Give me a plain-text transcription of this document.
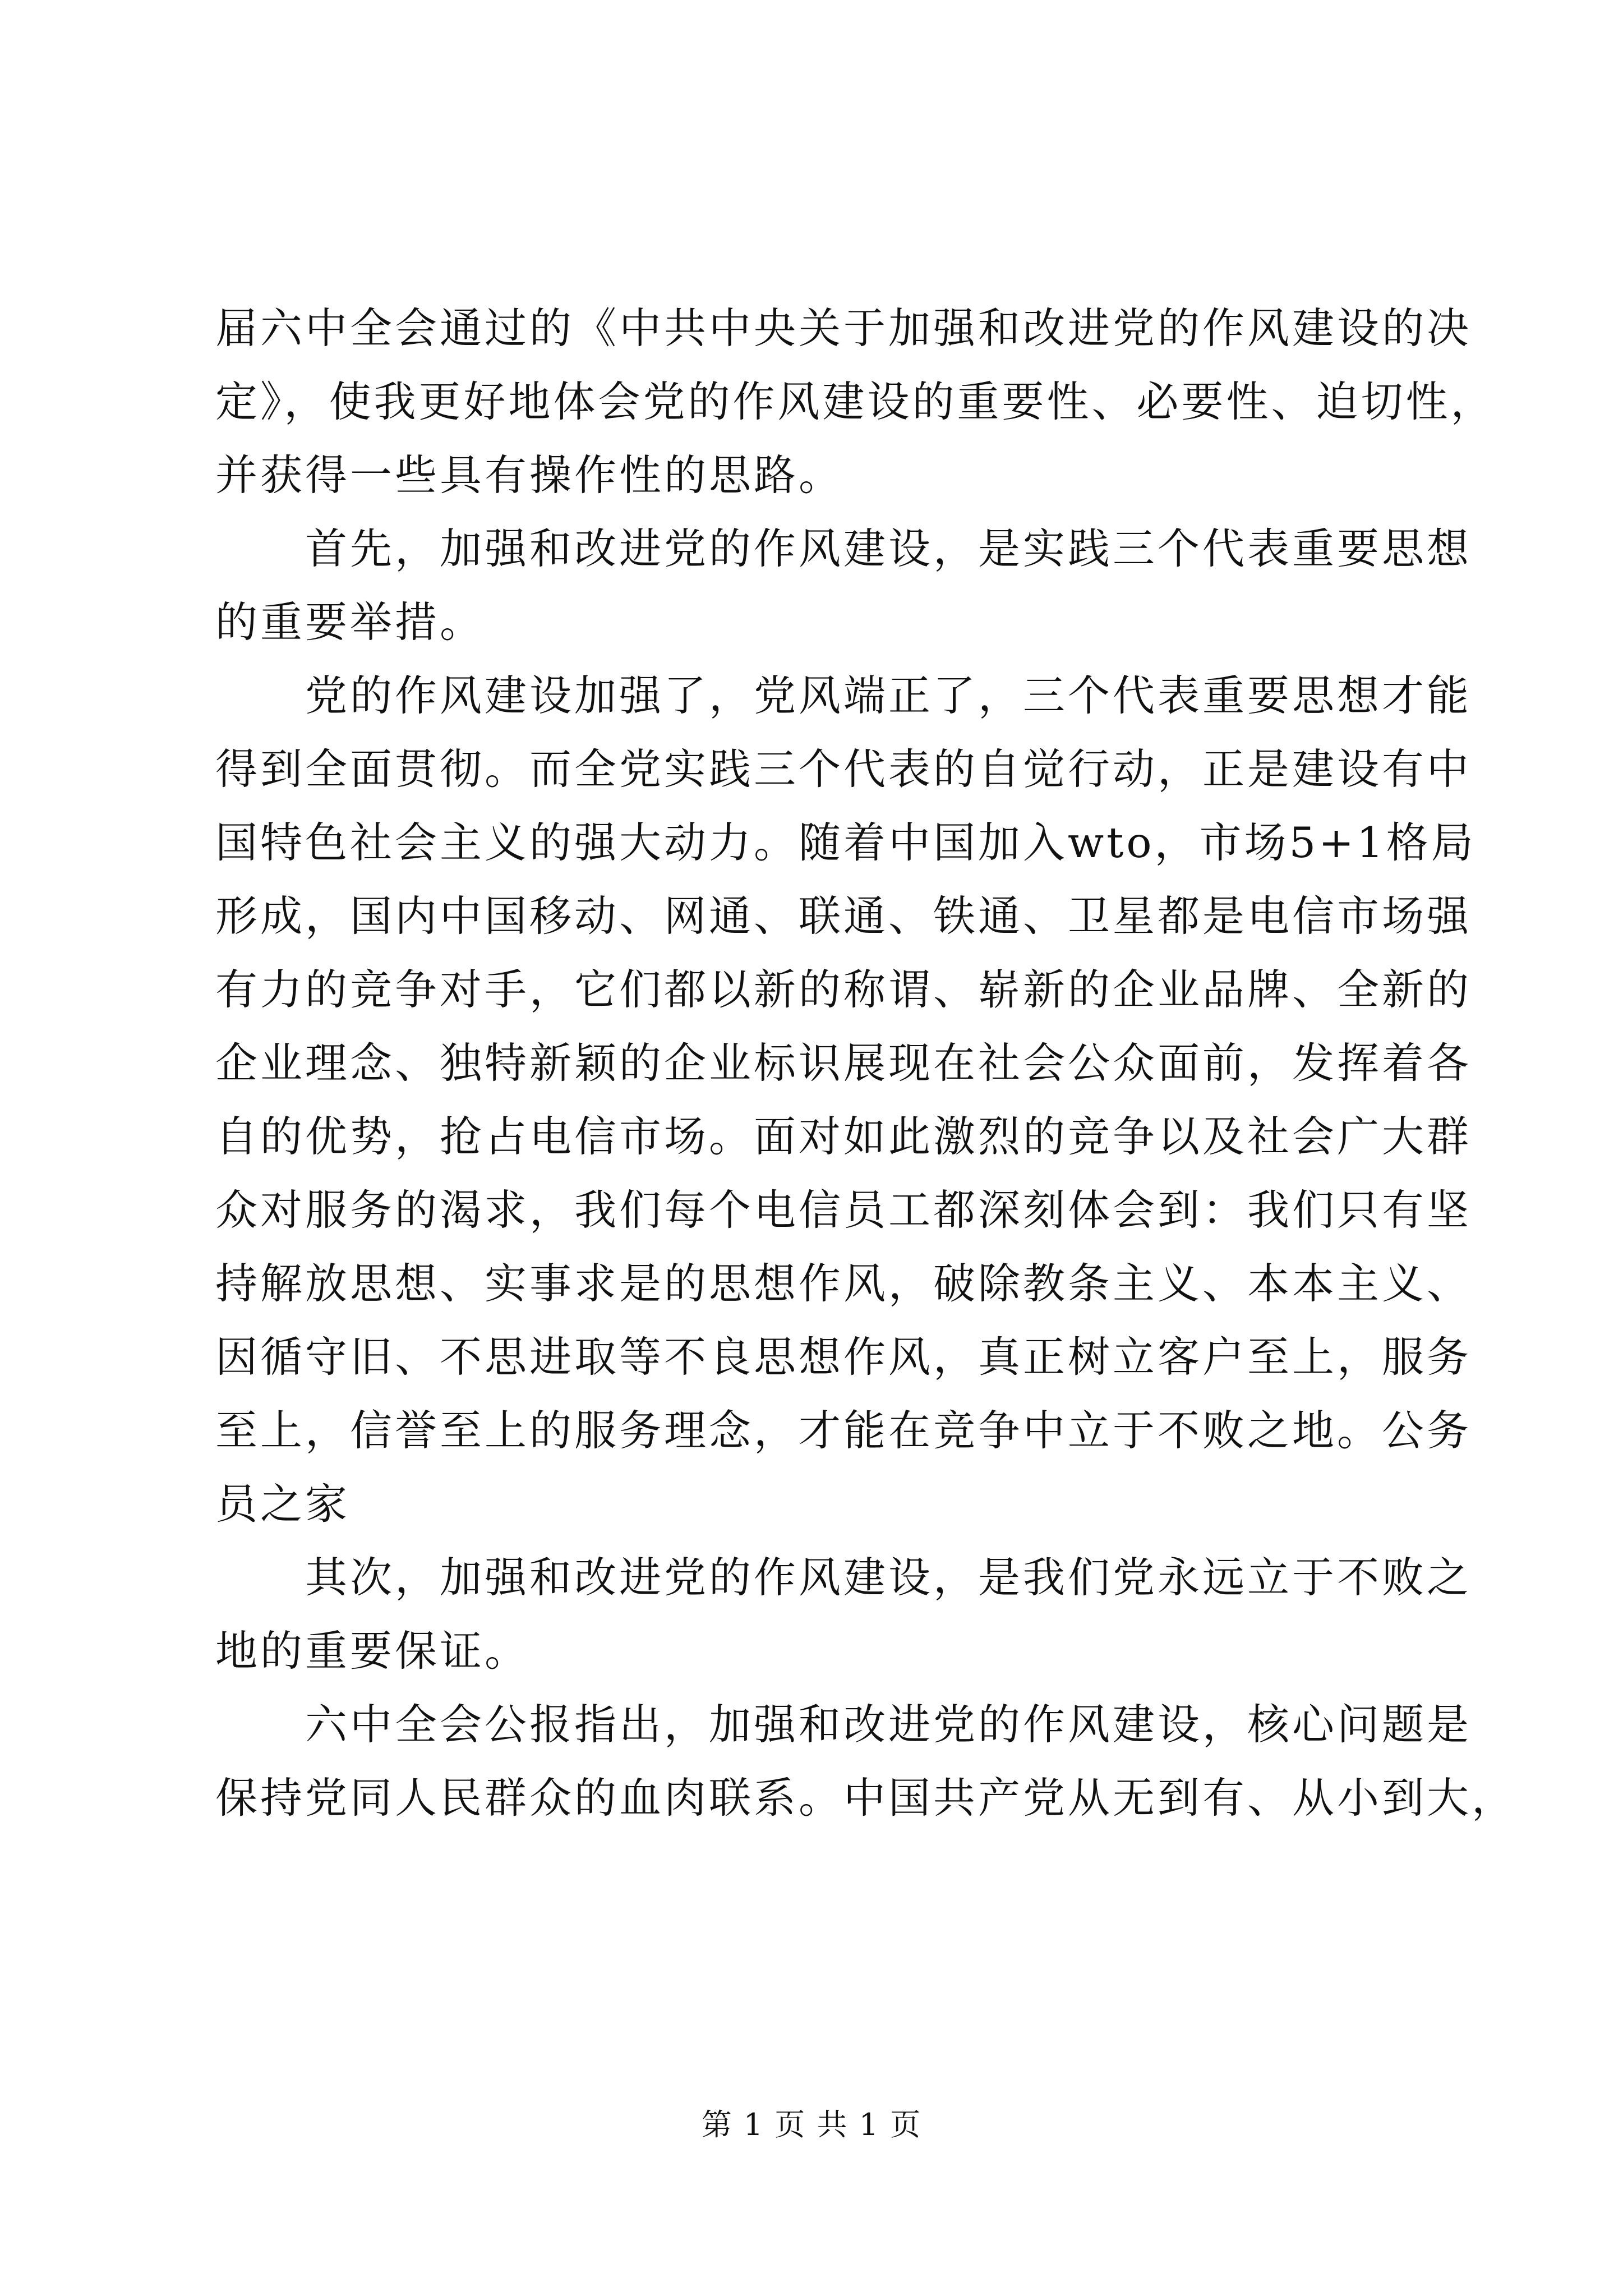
届六中全会通过的《中共中央关于加强和改进党的作风建设的决
定》，使我更好地体会党的作风建设的重要性、必要性、迫切性，
并获得一些具有操作性的思路。
首先，加强和改进党的作风建设，是实践三个代表重要思想
的重要举措。
党的作风建设加强了，党风端正了，三个代表重要思想才能
得到全面贯彻。而全党实践三个代表的自觉行动，正是建设有中
国特色社会主义的强大动力。随着中国加入wto，市场5+1格局
形成，国内中国移动、网通、联通、铁通、卫星都是电信市场强
有力的竞争对手，它们都以新的称谓、崭新的企业品牌、全新的
企业理念、独特新颖的企业标识展现在社会公众面前，发挥着各
自的优势，抢占电信市场。面对如此激烈的竞争以及社会广大群
众对服务的渴求，我们每个电信员工都深刻体会到：我们只有坚
持解放思想、实事求是的思想作风，破除教条主义、本本主义、
因循守旧、不思进取等不良思想作风，真正树立客户至上，服务
至上，信誉至上的服务理念，才能在竞争中立于不败之地。公务
员之家
其次，加强和改进党的作风建设，是我们党永远立于不败之
地的重要保证。
六中全会公报指出，加强和改进党的作风建设，核心问题是
保持党同人民群众的血肉联系。中国共产党从无到有、从小到大，
第 1 页 共 1 页
